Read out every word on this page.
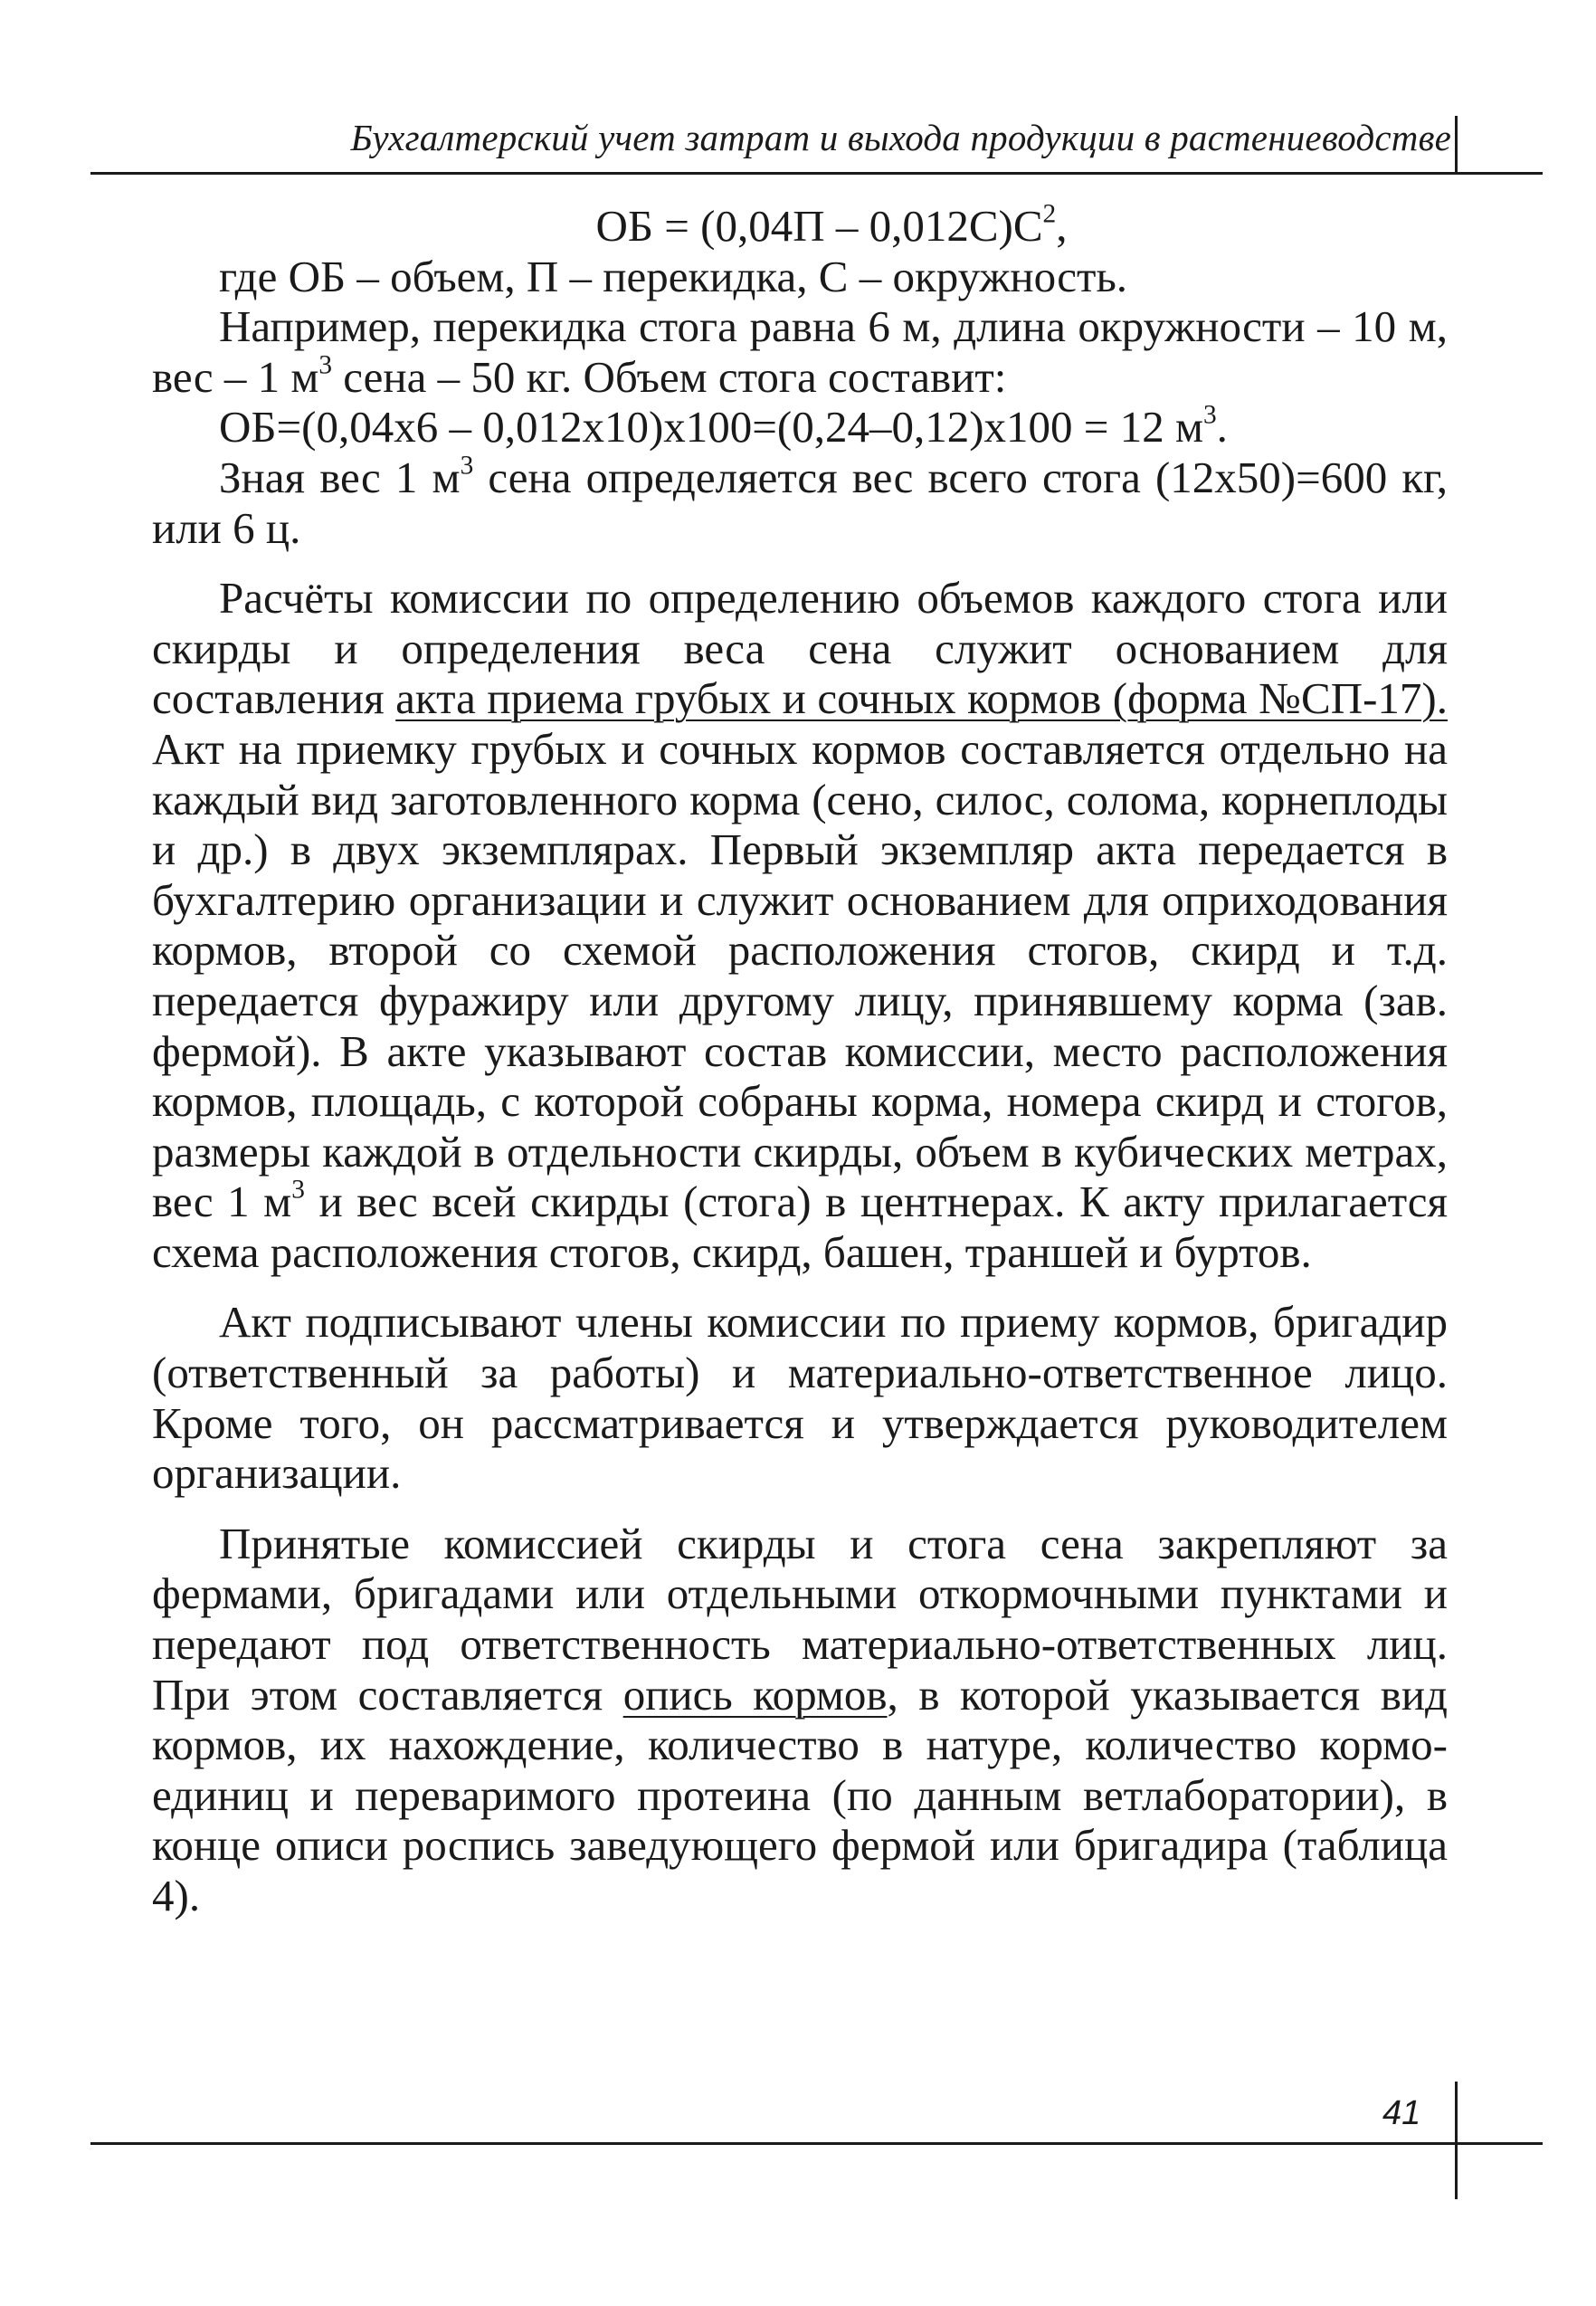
Бухгалтерский учет затрат и выхода продукции в растениеводстве

ОБ = $(0,04П - 0,012С)С^2$,

где ОБ – объем, П – перекидка, С – окружность.

Например, перекидка стога равна 6 м, длина окружности – 10 м, вес – 1 $м^3$ сена – 50 кг. Объем стога составит:

ОБ=(0,04х6 – 0,012х10)х100=(0,24–0,12)х100 = 12 $м^3$.

Зная вес 1 $м^3$ сена определяется вес всего стога (12х50)=600 кг, или 6 ц.

Расчёты комиссии по определению объемов каждого стога или скирды и определения веса сена служит основанием для составления акта приема грубых и сочных кормов (форма №СП-17). Акт на приемку грубых и сочных кормов составляется отдельно на каждый вид заготовленного корма (сено, силос, солома, корнеплоды и др.) в двух экземплярах. Первый экземпляр акта передается в бухгалтерию организации и служит основанием для оприходования кормов, второй со схемой расположения стогов, скирд и т.д. передается фуражиру или другому лицу, принявшему корма (зав. фермой). В акте указывают состав комиссии, место расположения кормов, площадь, с которой собраны корма, номера скирд и стогов, размеры каждой в отдельности скирды, объем в кубических метрах, вес 1 $м^3$ и вес всей скирды (стога) в центнерах. К акту прилагается схема расположения стогов, скирд, башен, траншей и буртов.

Акт подписывают члены комиссии по приему кормов, бригадир (ответственный за работы) и материально-ответственное лицо. Кроме того, он рассматривается и утверждается руководителем организации.

Принятые комиссией скирды и стога сена закрепляют за фермами, бригадами или отдельными откормочными пунктами и передают под ответственность материально-ответственных лиц. При этом составляется опись кормов, в которой указывается вид кормов, их нахождение, количество в натуре, количество кормо-единиц и переваримого протеина (по данным ветлаборатории), в конце описи роспись заведующего фермой или бригадира (таблица 4).

41
